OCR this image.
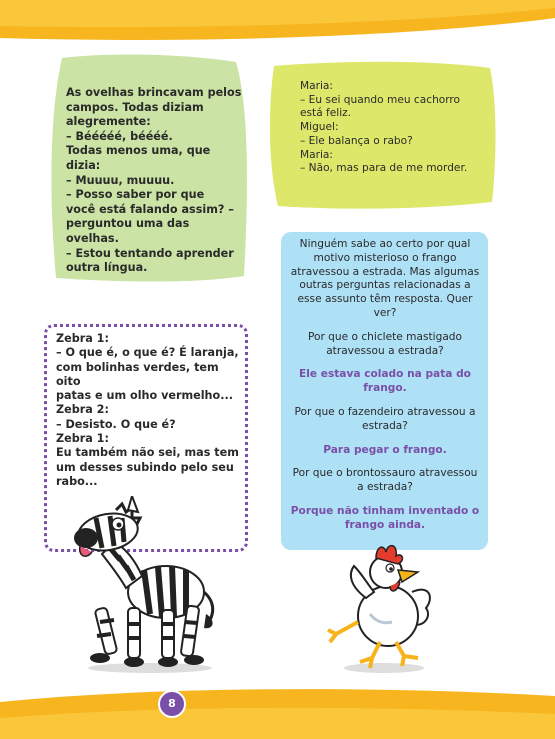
As ovelhas brincavam pelos
campos. Todas diziam
alegremente:
– Bééééé, béééé.
Todas menos uma, que
dizia:
– Muuuu, muuuu.
– Posso saber por que
você está falando assim? –
perguntou uma das ovelhas.
– Estou tentando aprender
outra língua.
Maria:
– Eu sei quando meu cachorro
está feliz.
Miguel:
– Ele balança o rabo?
Maria:
– Não, mas para de me morder.

Ninguém sabe ao certo por qual motivo misterioso o frango atravessou a estrada. Mas algumas outras perguntas relacionadas a esse assunto têm resposta. Quer ver?

Por que o chiclete mastigado atravessou a estrada?

Ele estava colado na pata do frango.

Por que o fazendeiro atravessou a estrada?

Para pegar o frango.

Por que o brontossauro atravessou a estrada?

Porque não tinham inventado o frango ainda.

Zebra 1:
– O que é, o que é? É laranja,
com bolinhas verdes, tem oito
patas e um olho vermelho...
Zebra 2:
– Desisto. O que é?
Zebra 1:
Eu também não sei, mas tem
um desses subindo pelo seu
rabo...
8
